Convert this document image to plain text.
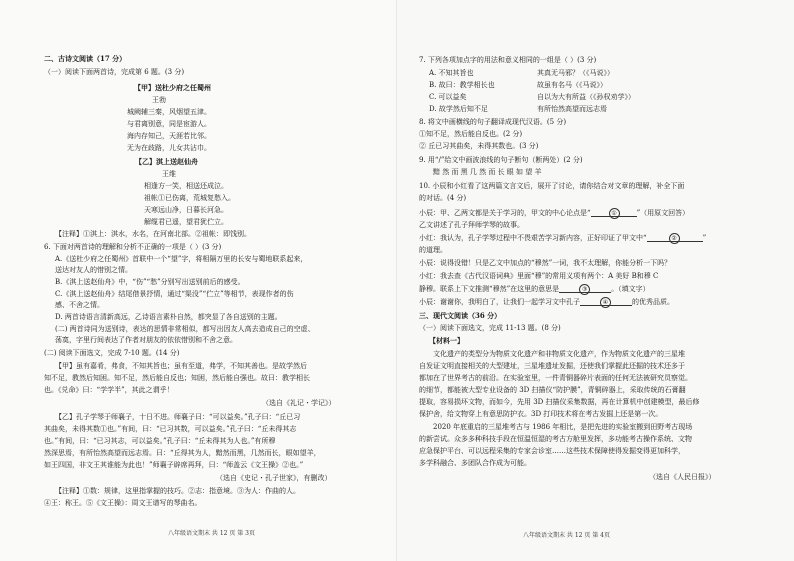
二、古诗文阅读（17 分）
（一）阅读下面两首诗，完成第 6 题。(3 分)
【甲】送杜少府之任蜀州
王勃
城阙辅三秦，风烟望五津。
与君离别意，同是宦游人。
海内存知己，天涯若比邻。
无为在歧路，儿女共沾巾。
【乙】淇上送赵仙舟
王维
相逢方一笑，相送还成泣。
祖帐①已伤离，荒城复愁入。
天寒远山净，日暮长河急。
解缆君已遥，望君犹伫立。
【注释】①淇上：淇水，水名，在河南北部。②祖帐：即饯别。
6. 下面对两首诗的理解和分析不正确的一项是（ ）(3 分)
A.《送杜少府之任蜀州》首联中一个“望”字，将相隔万里的长安与蜀地联系起来，
送达对友人的惜别之情。
B.《淇上送赵仙舟》中，“伤”“愁”分别写出送别前后的感受。
C.《淇上送赵仙舟》结尾借景抒情，通过“渠没”“伫立”等相节，表现作者的伤
感、不舍之情。
D. 两首诗语言清新高远，乙诗语言素朴自然，都突显了各自送别的主题。
(二) 两首诗同为送别诗，表达的思情非常相似，都写出因友人高去造成自己的空虚、
荡寞，字里行间表达了作者对朋友的依依惜别和不舍之意。
(二) 阅读下面选文，完成 7-10 题。(14 分)
【甲】虽有嘉肴，弗食，不知其旨也；虽有至道，弗学，不知其善也。是故学然后
知不足，教然后知困。知不足，然后能自反也；知困，然后能自强也。故曰：教学相长
也。《兑命》曰：“学学半”，其此之谓乎！
（选自《礼记・学记》）
【乙】孔子学琴于师襄子，十日不进。师襄子曰：“可以益矣。”孔子曰：“丘已习
其曲矣，未得其数①也。”有间，曰：“已习其数，可以益矣。”孔子曰：“丘未得其志
也。”有间，曰：“已习其志，可以益矣。”孔子曰：“丘未得其为人也。”有所穆
然深思焉，有所怡然高望而远志焉。曰：“丘得其为人，黯然而黑，几然而长，眼如望羊，
如王四国，非文王其谁能为此也！”师襄子辟席再拜，曰：“师盖云《文王操》②也。”
（选自《史记・孔子世家》，有删改）
【注释】①数：规律，这里指掌握的技巧。②志：指意境。③为人：作曲的人。
④王：称王。⑤《文王操》：周文王谱写的琴曲名。
八年级语文期末 共 12 页 第 3页
7. 下列各项加点字的用法和意义相同的一组是（ ）(3 分)
A. 不知其旨也	其真无马邪？（《马说》）
B. 故曰：教学相长也	故虽有名马（《马说》）
C. 可以益矣	自以为大有所益（《孙权劝学》）
D. 故学然后知不足	有所怡然高望而远志焉
8. 将文中画横线的句子翻译成现代汉语。(5 分)
①知不足，然后能自反也。(2 分)
② 丘已习其曲矣，未得其数也。(3 分)
9. 用“/”给文中画波浪线的句子断句（断两处）(2 分)
黯 然 而 黑 几 然 而 长 眼 如 望 羊
10. 小辰和小红看了这两篇文言文后，展开了讨论，请你结合对文章的理解，补全下面
的对话。(4 分)
小辰：甲、乙两文都是关于学习的，甲文的中心论点是“	①	”（用原文回答）
乙文讲述了孔子拜师学琴的故事。
小红：我认为，孔子学琴过程中不畏艰苦学习新内容，正好印证了甲文中“	②	”
的道理。
小辰：说得没错！只是乙文中加点的“穆然”一词，我不太理解，你能分析一下吗？
小红：我去查《古代汉语词典》里面“穆”的常用义项有两个：A 美好 B和穆 C
静穆。联系上下文推测“穆然”在这里的意思是	③	。（填文字）
小辰：谢谢你，我明白了，让我们一起学习文中孔子	④	的优秀品质。
三、现代文阅读（36 分）
（一）阅读下面选文，完成 11-13 题。(8 分)
【材料一】
文化遗产的类型分为物质文化遗产和非物质文化遗产，作为物质文化遗产的三星堆
自发证文明直接相关的大型建址，三星堆遗址发掘，还使我们掌握此还掘的技术还多于
都加在了世界考古的前沿。在实验室里，一件青铜器碎片表面的任何无法被研究员察觉。
的细节，都能被大型专业设备的 3D 扫描仪“防护膜”，青铜碎器上，采取传统的石膏翻
提取，容易损坏文物，而如今，先用 3D 扫描仪采集数据，再在计算机中创建模型，最后修
保护舍，给文物穿上有意思防护衣。3D 打印技术将在考古发掘上还是第一次。
2020 年底重启的三星堆考古与 1986 年相比，是把先进的实验室搬到田野考古现场
的新尝试。众多多种科技手段在恒温恒湿的考古方舱里发挥，多功能考古操作系统、文物
应急保护平台、可以远程采集的专家会诊室……这些技术保障使得发掘变得更加科学，
多学科融合、多团队合作成为可能。
（选自《人民日报》）
八年级语文期末 共 12 页 第 4页
